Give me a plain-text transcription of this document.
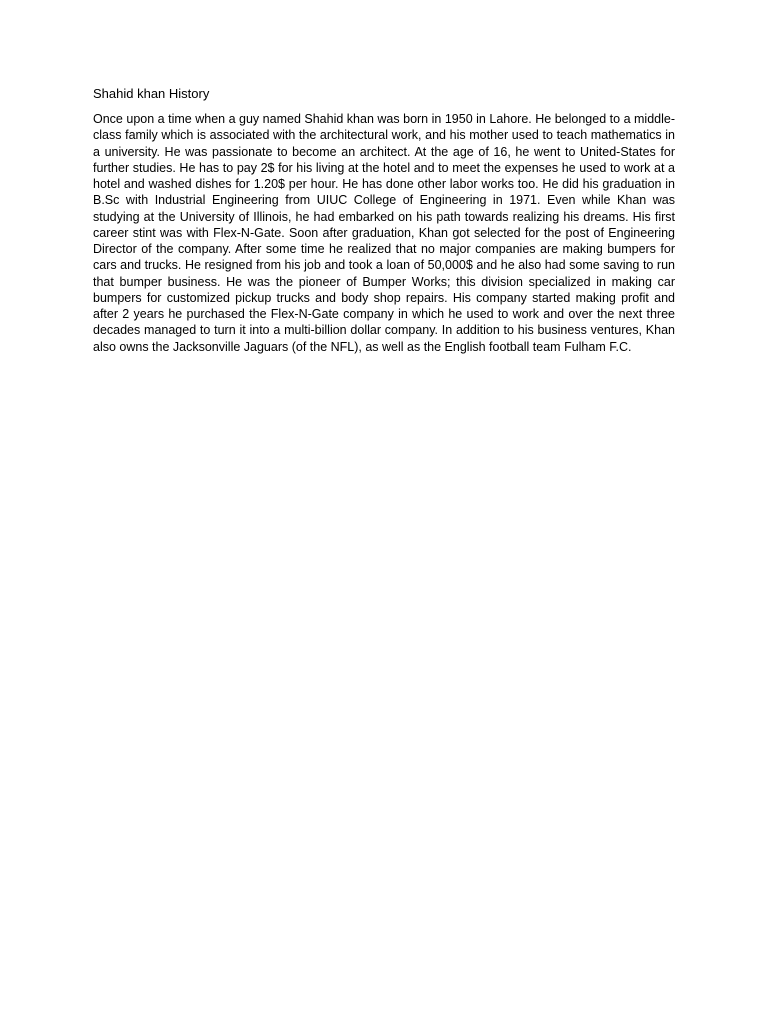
Shahid khan History

Once upon a time when a guy named Shahid khan was born in 1950 in Lahore. He belonged to a middle-class family which is associated with the architectural work, and his mother used to teach mathematics in a university. He was passionate to become an architect. At the age of 16, he went to United-States for further studies. He has to pay 2$ for his living at the hotel and to meet the expenses he used to work at a hotel and washed dishes for 1.20$ per hour. He has done other labor works too. He did his graduation in B.Sc with Industrial Engineering from UIUC College of Engineering in 1971. Even while Khan was studying at the University of Illinois, he had embarked on his path towards realizing his dreams. His first career stint was with Flex-N-Gate. Soon after graduation, Khan got selected for the post of Engineering Director of the company. After some time he realized that no major companies are making bumpers for cars and trucks. He resigned from his job and took a loan of 50,000$ and he also had some saving to run that bumper business. He was the pioneer of Bumper Works; this division specialized in making car bumpers for customized pickup trucks and body shop repairs. His company started making profit and after 2 years he purchased the Flex-N-Gate company in which he used to work and over the next three decades managed to turn it into a multi-billion dollar company. In addition to his business ventures, Khan also owns the Jacksonville Jaguars (of the NFL), as well as the English football team Fulham F.C.
